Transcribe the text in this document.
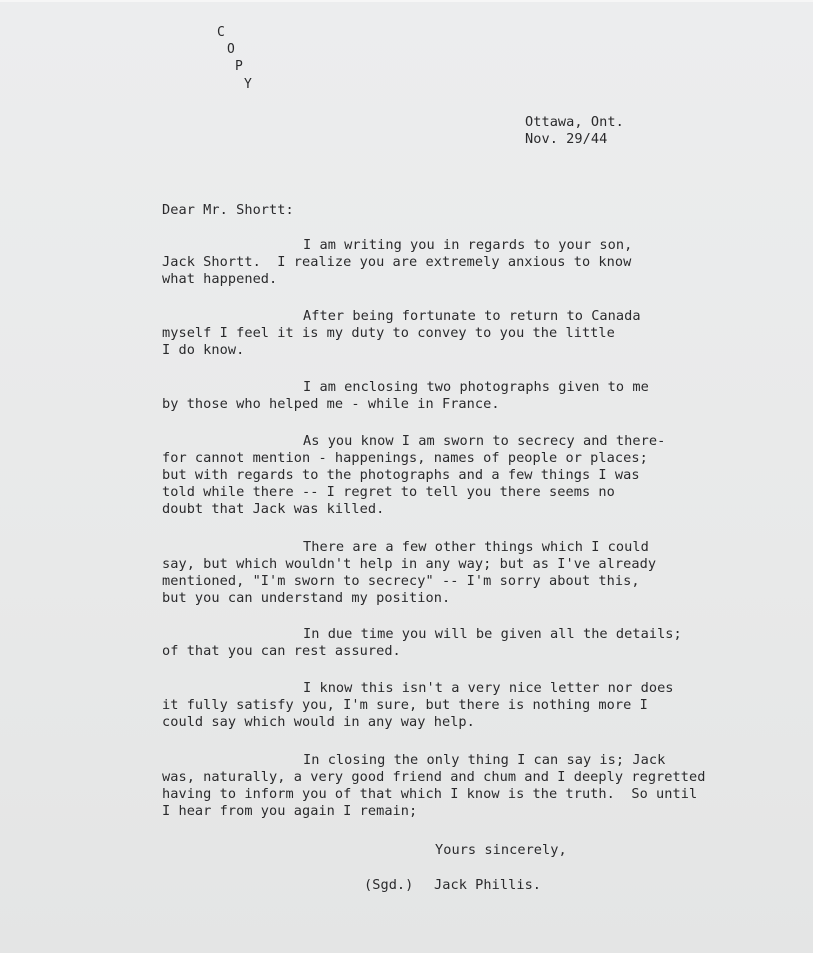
C
O
P
Y
Ottawa, Ont.
Nov. 29/44
Dear Mr. Shortt:
I am writing you in regards to your son,
Jack Shortt.  I realize you are extremely anxious to know
what happened.
After being fortunate to return to Canada
myself I feel it is my duty to convey to you the little
I do know.
I am enclosing two photographs given to me
by those who helped me - while in France.
As you know I am sworn to secrecy and there-
for cannot mention - happenings, names of people or places;
but with regards to the photographs and a few things I was
told while there -- I regret to tell you there seems no
doubt that Jack was killed.
There are a few other things which I could
say, but which wouldn't help in any way; but as I've already
mentioned, "I'm sworn to secrecy" -- I'm sorry about this,
but you can understand my position.
In due time you will be given all the details;
of that you can rest assured.
I know this isn't a very nice letter nor does
it fully satisfy you, I'm sure, but there is nothing more I
could say which would in any way help.
In closing the only thing I can say is; Jack
was, naturally, a very good friend and chum and I deeply regretted
having to inform you of that which I know is the truth.  So until
I hear from you again I remain;
Yours sincerely,
(Sgd.) Jack Phillis.
